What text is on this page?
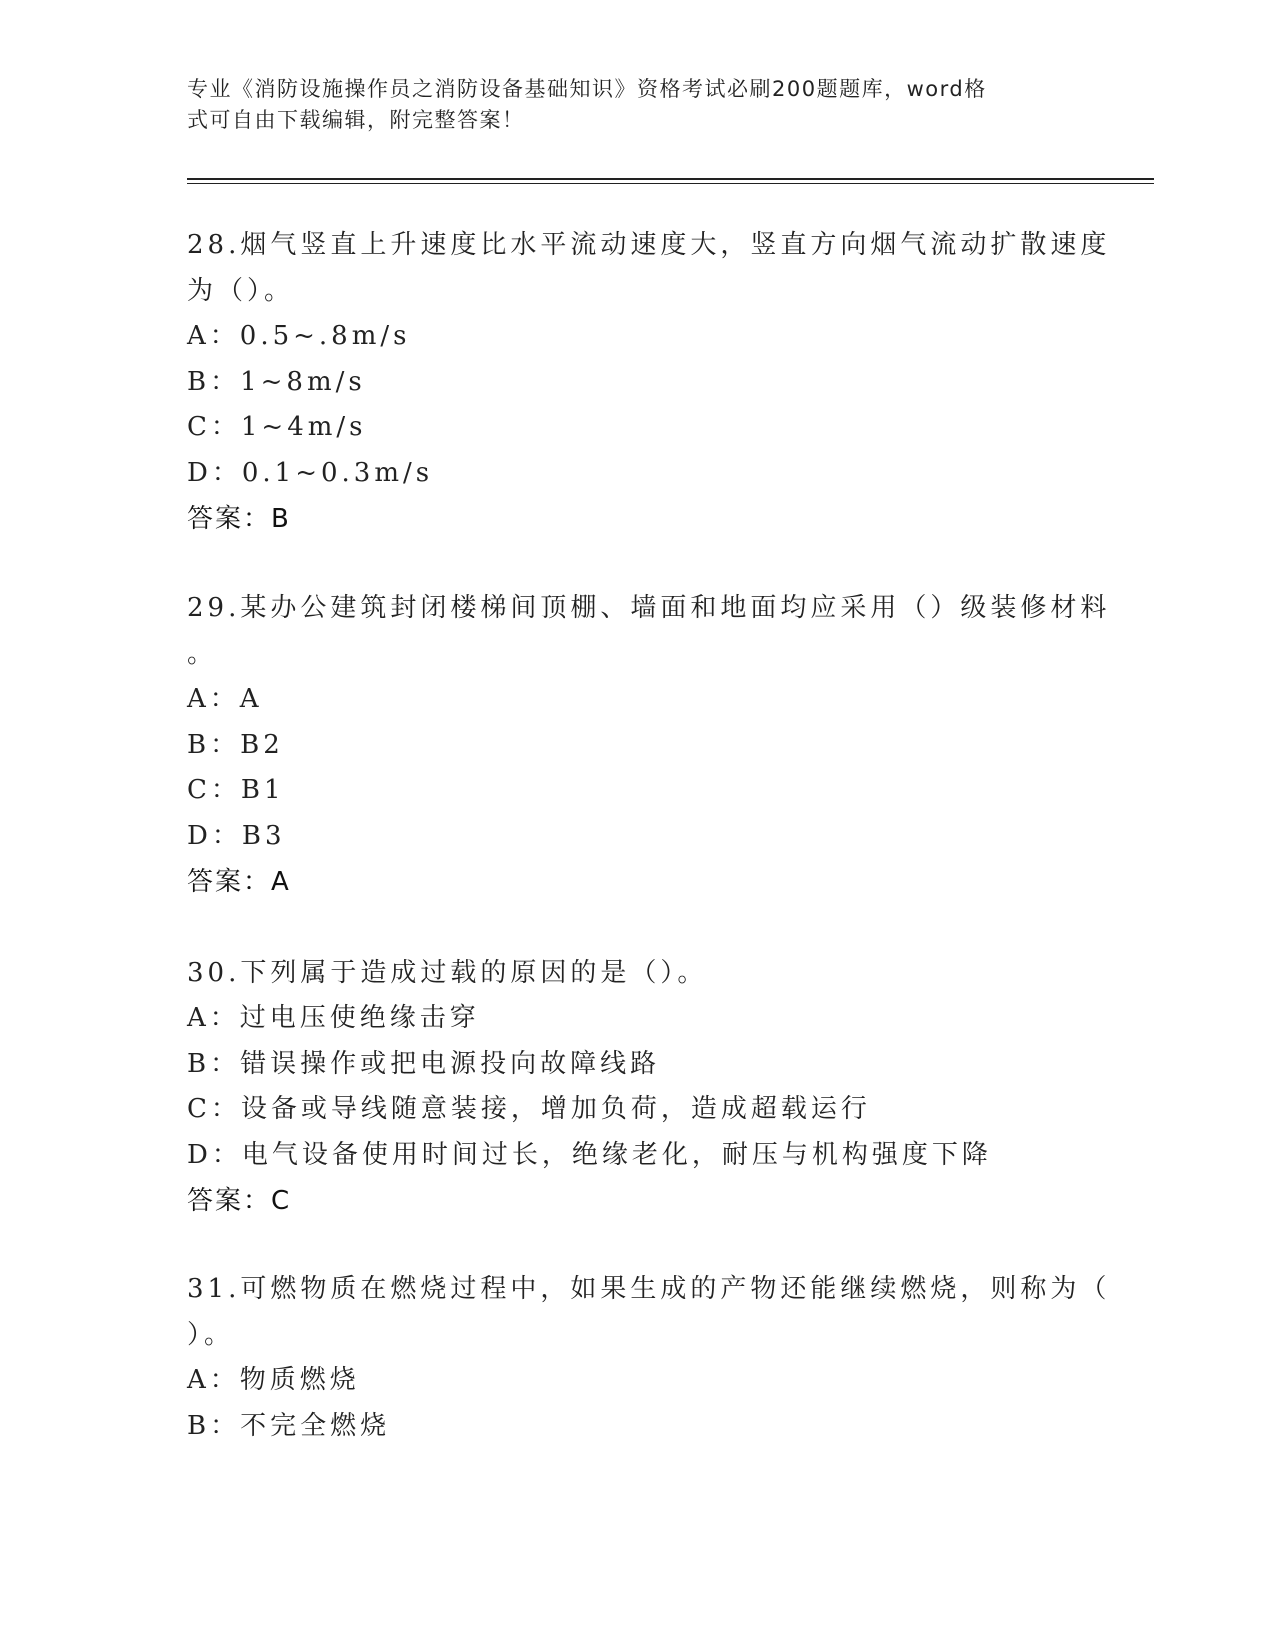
专业《消防设施操作员之消防设备基础知识》资格考试必刷200题题库，word格
式可自由下载编辑，附完整答案！
28.烟气竖直上升速度比水平流动速度大，竖直方向烟气流动扩散速度
为（）。
A：0.5~.8m/s
B：1~8m/s
C：1~4m/s
D：0.1~0.3m/s
答案：B
29.某办公建筑封闭楼梯间顶棚、墙面和地面均应采用（）级装修材料
。
A：A
B：B2
C：B1
D：B3
答案：A
30.下列属于造成过载的原因的是（）。
A：过电压使绝缘击穿
B：错误操作或把电源投向故障线路
C：设备或导线随意装接，增加负荷，造成超载运行
D：电气设备使用时间过长，绝缘老化，耐压与机构强度下降
答案：C
31.可燃物质在燃烧过程中，如果生成的产物还能继续燃烧，则称为（
）。
A：物质燃烧
B：不完全燃烧
